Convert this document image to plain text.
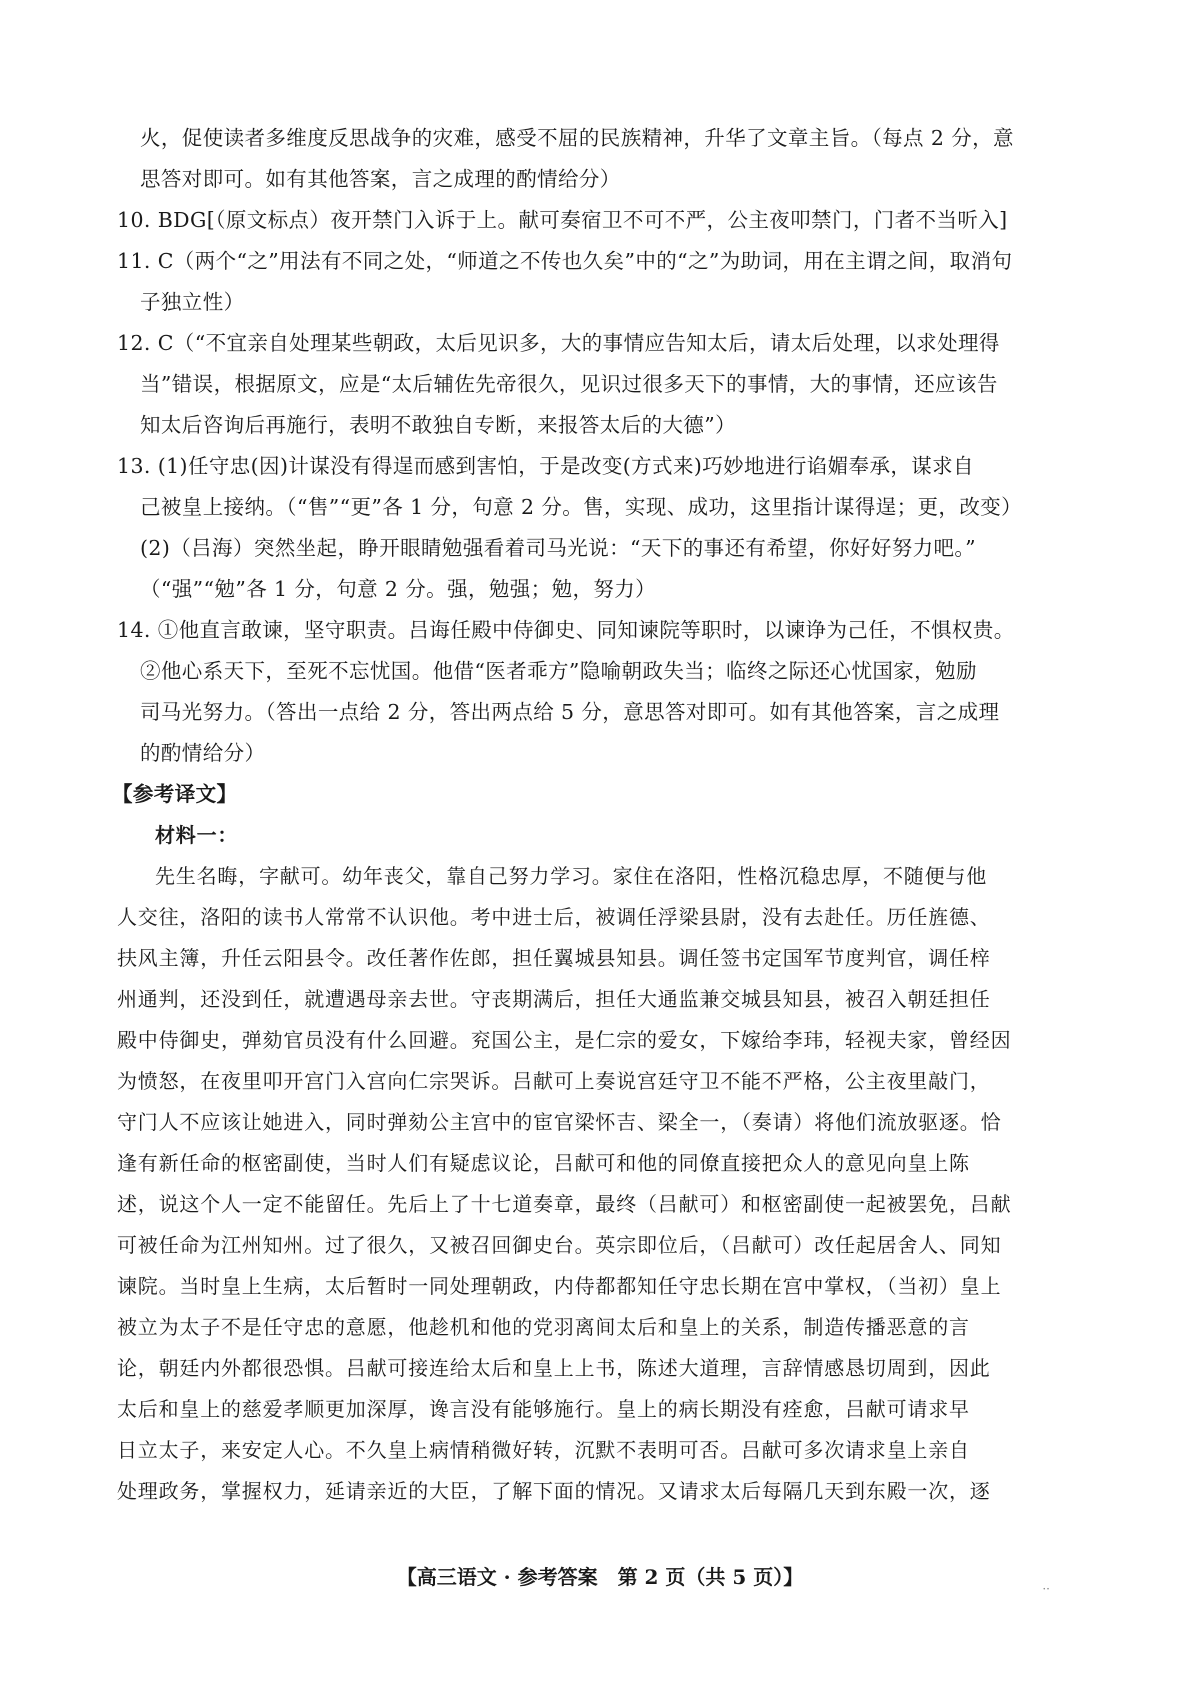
火，促使读者多维度反思战争的灾难，感受不屈的民族精神，升华了文章主旨。（每点 2 分，意
思答对即可。如有其他答案，言之成理的酌情给分）
10. BDG[（原文标点）夜开禁门入诉于上。献可奏宿卫不可不严，公主夜叩禁门，门者不当听入]
11. C（两个“之”用法有不同之处，“师道之不传也久矣”中的“之”为助词，用在主谓之间，取消句
子独立性）
12. C（“不宜亲自处理某些朝政，太后见识多，大的事情应告知太后，请太后处理，以求处理得
当”错误，根据原文，应是“太后辅佐先帝很久，见识过很多天下的事情，大的事情，还应该告
知太后咨询后再施行，表明不敢独自专断，来报答太后的大德”）
13. (1)任守忠(因)计谋没有得逞而感到害怕，于是改变(方式来)巧妙地进行谄媚奉承，谋求自
己被皇上接纳。（“售”“更”各 1 分，句意 2 分。售，实现、成功，这里指计谋得逞；更，改变）
(2)（吕海）突然坐起，睁开眼睛勉强看着司马光说：“天下的事还有希望，你好好努力吧。”
（“强”“勉”各 1 分，句意 2 分。强，勉强；勉，努力）
14. ①他直言敢谏，坚守职责。吕诲任殿中侍御史、同知谏院等职时，以谏诤为己任，不惧权贵。
②他心系天下，至死不忘忧国。他借“医者乖方”隐喻朝政失当；临终之际还心忧国家，勉励
司马光努力。（答出一点给 2 分，答出两点给 5 分，意思答对即可。如有其他答案，言之成理
的酌情给分）
【参考译文】
材料一：
先生名晦，字献可。幼年丧父，靠自己努力学习。家住在洛阳，性格沉稳忠厚，不随便与他
人交往，洛阳的读书人常常不认识他。考中进士后，被调任浮梁县尉，没有去赴任。历任旌德、
扶风主簿，升任云阳县令。改任著作佐郎，担任翼城县知县。调任签书定国军节度判官，调任梓
州通判，还没到任，就遭遇母亲去世。守丧期满后，担任大通监兼交城县知县，被召入朝廷担任
殿中侍御史，弹劾官员没有什么回避。兖国公主，是仁宗的爱女，下嫁给李玮，轻视夫家，曾经因
为愤怒，在夜里叩开宫门入宫向仁宗哭诉。吕献可上奏说宫廷守卫不能不严格，公主夜里敲门，
守门人不应该让她进入，同时弹劾公主宫中的宦官梁怀吉、梁全一，（奏请）将他们流放驱逐。恰
逢有新任命的枢密副使，当时人们有疑虑议论，吕献可和他的同僚直接把众人的意见向皇上陈
述，说这个人一定不能留任。先后上了十七道奏章，最终（吕献可）和枢密副使一起被罢免，吕献
可被任命为江州知州。过了很久，又被召回御史台。英宗即位后，（吕献可）改任起居舍人、同知
谏院。当时皇上生病，太后暂时一同处理朝政，内侍都都知任守忠长期在宫中掌权，（当初）皇上
被立为太子不是任守忠的意愿，他趁机和他的党羽离间太后和皇上的关系，制造传播恶意的言
论，朝廷内外都很恐惧。吕献可接连给太后和皇上上书，陈述大道理，言辞情感恳切周到，因此
太后和皇上的慈爱孝顺更加深厚，谗言没有能够施行。皇上的病长期没有痊愈，吕献可请求早
日立太子，来安定人心。不久皇上病情稍微好转，沉默不表明可否。吕献可多次请求皇上亲自
处理政务，掌握权力，延请亲近的大臣，了解下面的情况。又请求太后每隔几天到东殿一次，逐
【高三语文 · 参考答案　第 2 页（共 5 页）】	··
